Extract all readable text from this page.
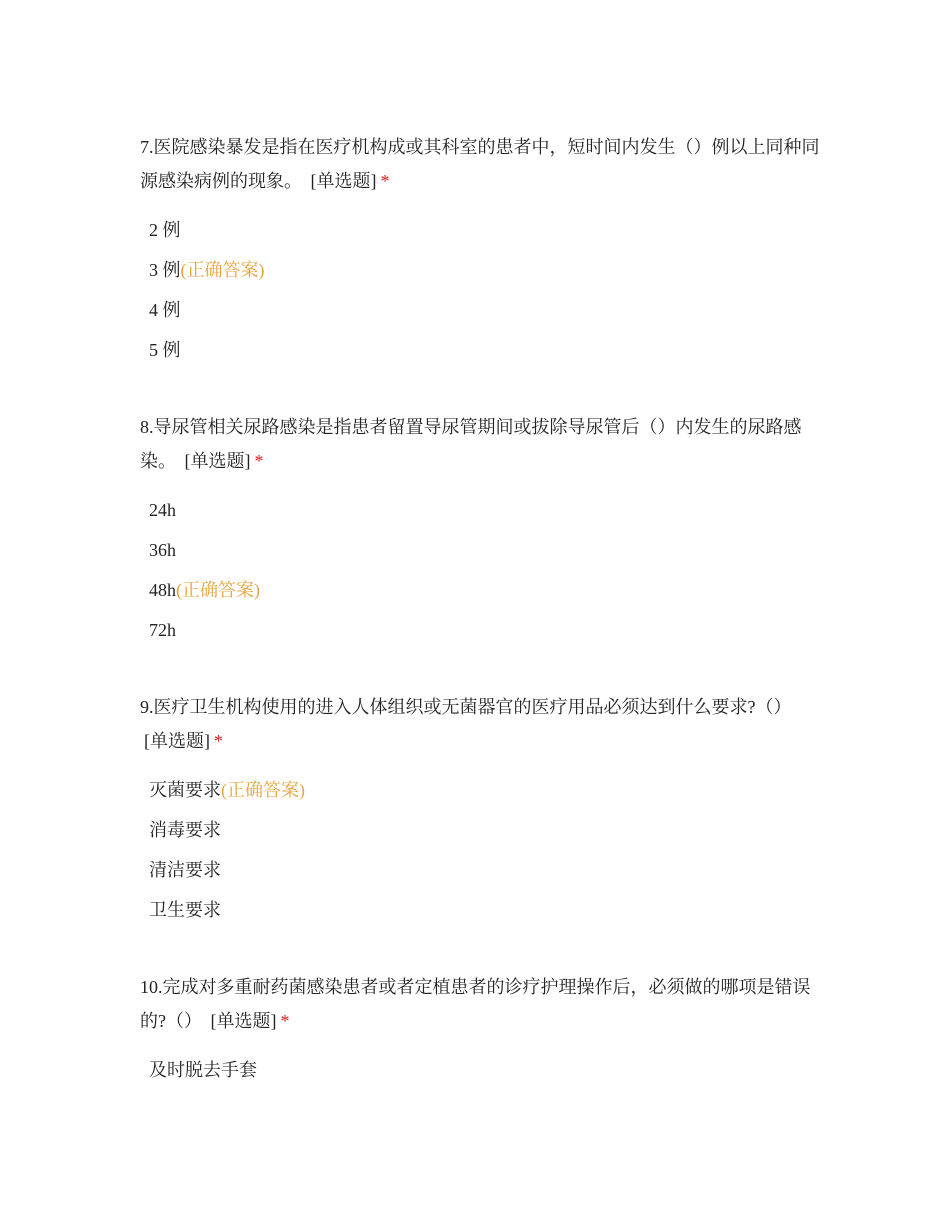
7.医院感染暴发是指在医疗机构成或其科室的患者中，短时间内发生（）例以上同种同源感染病例的现象。 [单选题] *

2 例
3 例(正确答案)
4 例
5 例

8.导尿管相关尿路感染是指患者留置导尿管期间或拔除导尿管后（）内发生的尿路感染。 [单选题] *

24h
36h
48h(正确答案)
72h

9.医疗卫生机构使用的进入人体组织或无菌器官的医疗用品必须达到什么要求?（） [单选题] *

灭菌要求(正确答案)
消毒要求
清洁要求
卫生要求

10.完成对多重耐药菌感染患者或者定植患者的诊疗护理操作后，必须做的哪项是错误的?（） [单选题] *

及时脱去手套
